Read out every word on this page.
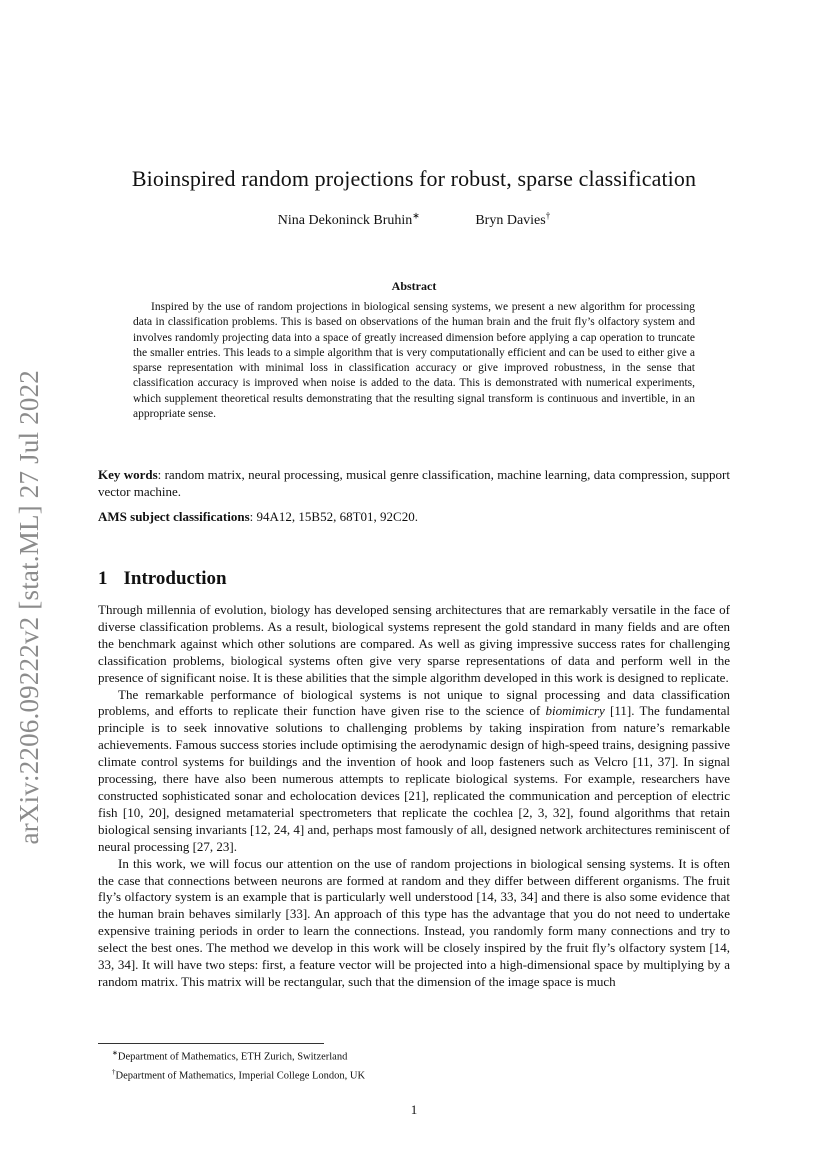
arXiv:2206.09222v2 [stat.ML] 27 Jul 2022
Bioinspired random projections for robust, sparse classification
Nina Dekoninck Bruhin∗	Bryn Davies†
Abstract

Inspired by the use of random projections in biological sensing systems, we present a new algorithm for processing data in classification problems. This is based on observations of the human brain and the fruit fly’s olfactory system and involves randomly projecting data into a space of greatly increased dimension before applying a cap operation to truncate the smaller entries. This leads to a simple algorithm that is very computationally efficient and can be used to either give a sparse representation with minimal loss in classification accuracy or give improved robustness, in the sense that classification accuracy is improved when noise is added to the data. This is demonstrated with numerical experiments, which supplement theoretical results demonstrating that the resulting signal transform is continuous and invertible, in an appropriate sense.

Key words: random matrix, neural processing, musical genre classification, machine learning, data compression, support vector machine.

AMS subject classifications: 94A12, 15B52, 68T01, 92C20.

1 Introduction

Through millennia of evolution, biology has developed sensing architectures that are remarkably versatile in the face of diverse classification problems. As a result, biological systems represent the gold standard in many fields and are often the benchmark against which other solutions are compared. As well as giving impressive success rates for challenging classification problems, biological systems often give very sparse representations of data and perform well in the presence of significant noise. It is these abilities that the simple algorithm developed in this work is designed to replicate.

The remarkable performance of biological systems is not unique to signal processing and data classification problems, and efforts to replicate their function have given rise to the science of biomimicry [11]. The fundamental principle is to seek innovative solutions to challenging problems by taking inspiration from nature’s remarkable achievements. Famous success stories include optimising the aerodynamic design of high-speed trains, designing passive climate control systems for buildings and the invention of hook and loop fasteners such as Velcro [11, 37]. In signal processing, there have also been numerous attempts to replicate biological systems. For example, researchers have constructed sophisticated sonar and echolocation devices [21], replicated the communication and perception of electric fish [10, 20], designed metamaterial spectrometers that replicate the cochlea [2, 3, 32], found algorithms that retain biological sensing invariants [12, 24, 4] and, perhaps most famously of all, designed network architectures reminiscent of neural processing [27, 23].

In this work, we will focus our attention on the use of random projections in biological sensing systems. It is often the case that connections between neurons are formed at random and they differ between different organisms. The fruit fly’s olfactory system is an example that is particularly well understood [14, 33, 34] and there is also some evidence that the human brain behaves similarly [33]. An approach of this type has the advantage that you do not need to undertake expensive training periods in order to learn the connections. Instead, you randomly form many connections and try to select the best ones. The method we develop in this work will be closely inspired by the fruit fly’s olfactory system [14, 33, 34]. It will have two steps: first, a feature vector will be projected into a high-dimensional space by multiplying by a random matrix. This matrix will be rectangular, such that the dimension of the image space is much

∗Department of Mathematics, ETH Zurich, Switzerland
†Department of Mathematics, Imperial College London, UK
1
